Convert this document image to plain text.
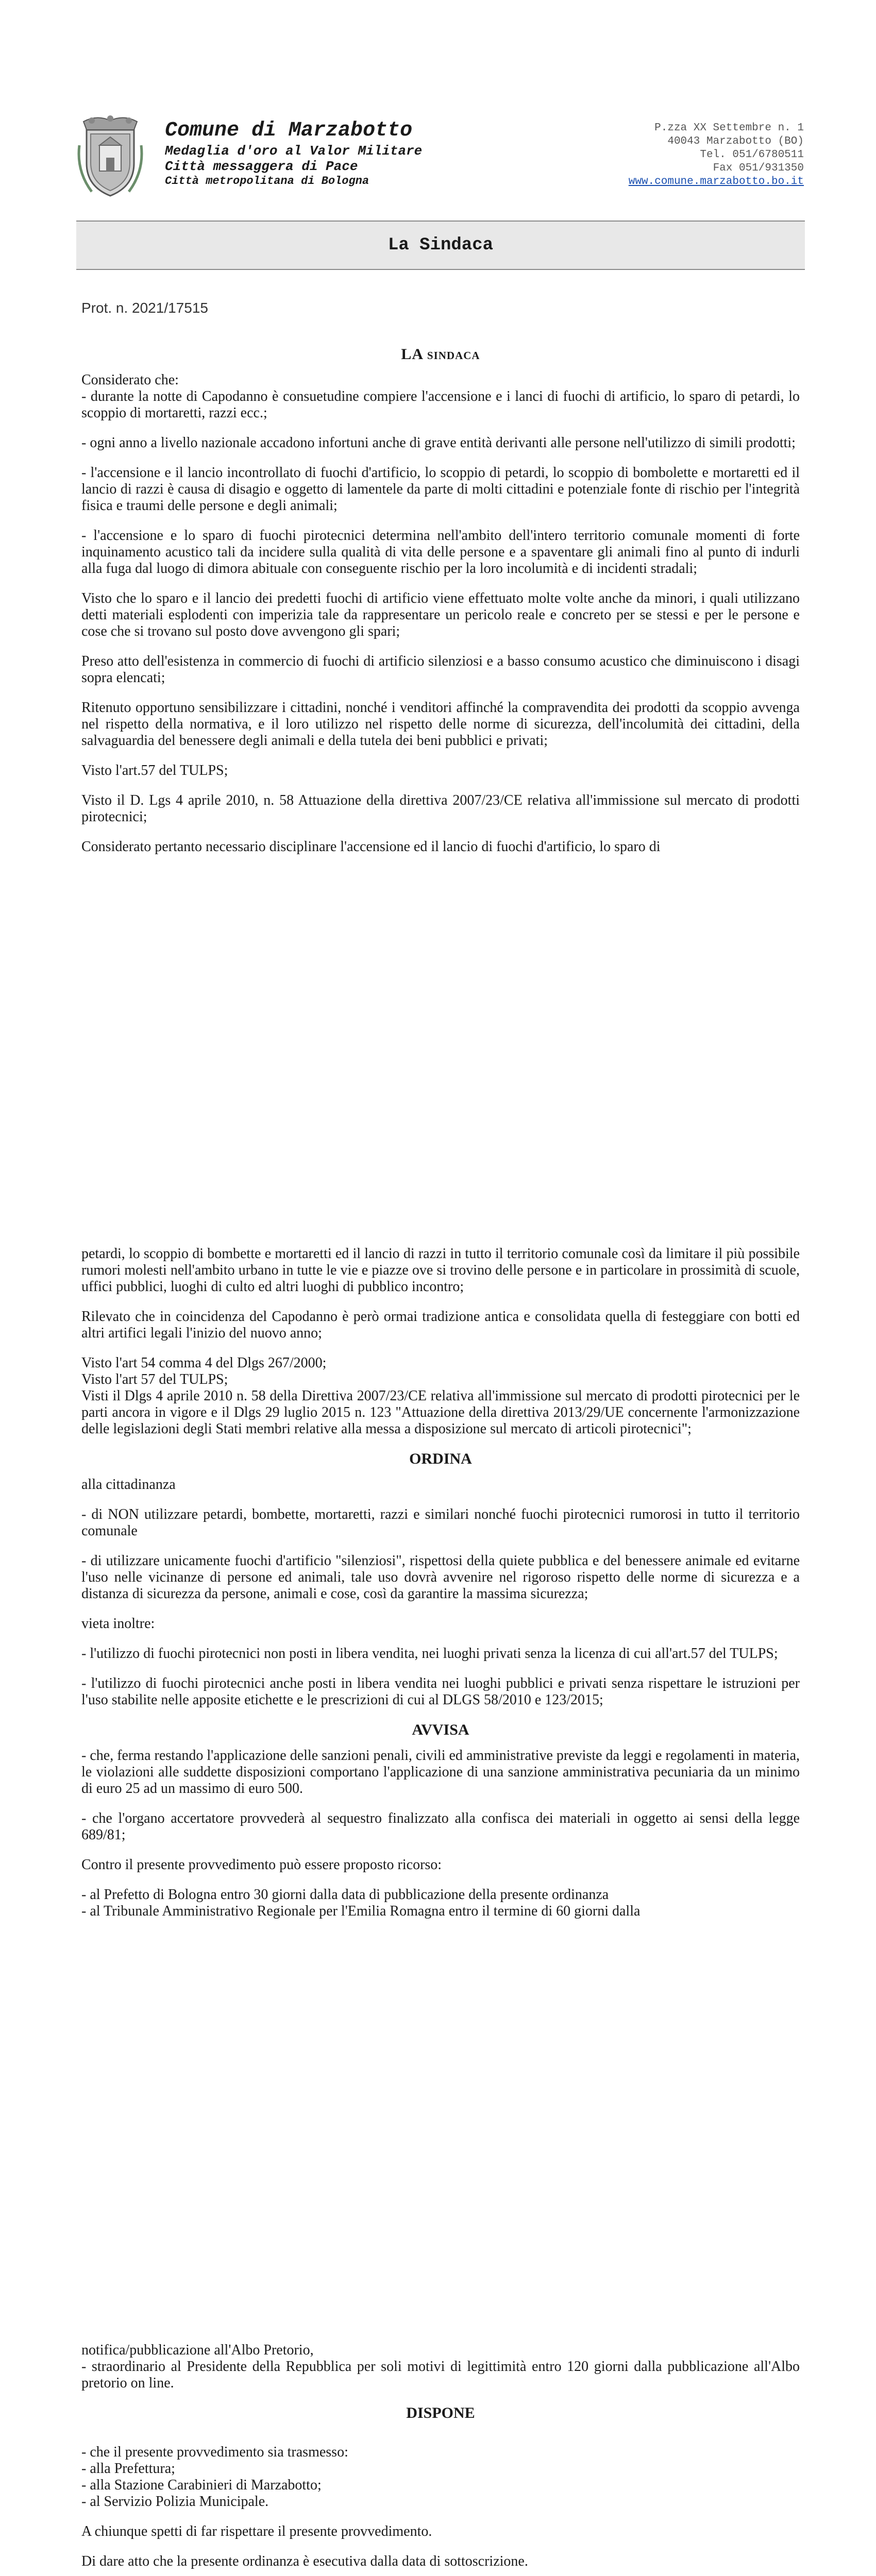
Comune di Marzabotto
Medaglia d'oro al Valor Militare
Città messaggera di Pace
Città metropolitana di Bologna
P.zza XX Settembre n. 1
40043 Marzabotto (BO)
Tel. 051/6780511
Fax 051/931350
www.comune.marzabotto.bo.it
La Sindaca
Prot. n. 2021/17515
LA sindaca

Considerato che:
- durante la notte di Capodanno è consuetudine compiere l'accensione e i lanci di fuochi di artificio, lo sparo di petardi, lo scoppio di mortaretti, razzi ecc.;

- ogni anno a livello nazionale accadono infortuni anche di grave entità derivanti alle persone nell'utilizzo di simili prodotti;

- l'accensione e il lancio incontrollato di fuochi d'artificio, lo scoppio di petardi, lo scoppio di bombolette e mortaretti ed il lancio di razzi è causa di disagio e oggetto di lamentele da parte di molti cittadini e potenziale fonte di rischio per l'integrità fisica e traumi delle persone e degli animali;

- l'accensione e lo sparo di fuochi pirotecnici determina nell'ambito dell'intero territorio comunale momenti di forte inquinamento acustico tali da incidere sulla qualità di vita delle persone e a spaventare gli animali fino al punto di indurli alla fuga dal luogo di dimora abituale con conseguente rischio per la loro incolumità e di incidenti stradali;

Visto che lo sparo e il lancio dei predetti fuochi di artificio viene effettuato molte volte anche da minori, i quali utilizzano detti materiali esplodenti con imperizia tale da rappresentare un pericolo reale e concreto per se stessi e per le persone e cose che si trovano sul posto dove avvengono gli spari;

Preso atto dell'esistenza in commercio di fuochi di artificio silenziosi e a basso consumo acustico che diminuiscono i disagi sopra elencati;

Ritenuto opportuno sensibilizzare i cittadini, nonché i venditori affinché la compravendita dei prodotti da scoppio avvenga nel rispetto della normativa, e il loro utilizzo nel rispetto delle norme di sicurezza, dell'incolumità dei cittadini, della salvaguardia del benessere degli animali e della tutela dei beni pubblici e privati;

Visto l'art.57 del TULPS;

Visto il D. Lgs 4 aprile 2010, n. 58 Attuazione della direttiva 2007/23/CE relativa all'immissione sul mercato di prodotti pirotecnici;

Considerato pertanto necessario disciplinare l'accensione ed il lancio di fuochi d'artificio, lo sparo di

petardi, lo scoppio di bombette e mortaretti ed il lancio di razzi in tutto il territorio comunale così da limitare il più possibile rumori molesti nell'ambito urbano in tutte le vie e piazze ove si trovino delle persone e in particolare in prossimità di scuole, uffici pubblici, luoghi di culto ed altri luoghi di pubblico incontro;

Rilevato che in coincidenza del Capodanno è però ormai tradizione antica e consolidata quella di festeggiare con botti ed altri artifici legali l'inizio del nuovo anno;

Visto l'art 54 comma 4 del Dlgs 267/2000;
Visto l'art 57 del TULPS;
Visti il Dlgs 4 aprile 2010 n. 58 della Direttiva 2007/23/CE relativa all'immissione sul mercato di prodotti pirotecnici per le parti ancora in vigore e il Dlgs 29 luglio 2015 n. 123 "Attuazione della direttiva 2013/29/UE concernente l'armonizzazione delle legislazioni degli Stati membri relative alla messa a disposizione sul mercato di articoli pirotecnici";

ORDINA

alla cittadinanza

- di NON utilizzare petardi, bombette, mortaretti, razzi e similari nonché fuochi pirotecnici rumorosi in tutto il territorio comunale

- di utilizzare unicamente fuochi d'artificio "silenziosi", rispettosi della quiete pubblica e del benessere animale ed evitarne l'uso nelle vicinanze di persone ed animali, tale uso dovrà avvenire nel rigoroso rispetto delle norme di sicurezza e a distanza di sicurezza da persone, animali e cose, così da garantire la massima sicurezza;

vieta inoltre:

- l'utilizzo di fuochi pirotecnici non posti in libera vendita, nei luoghi privati senza la licenza di cui all'art.57 del TULPS;

- l'utilizzo di fuochi pirotecnici anche posti in libera vendita nei luoghi pubblici e privati senza rispettare le istruzioni per l'uso stabilite nelle apposite etichette e le prescrizioni di cui al DLGS 58/2010 e 123/2015;

AVVISA

- che, ferma restando l'applicazione delle sanzioni penali, civili ed amministrative previste da leggi e regolamenti in materia, le violazioni alle suddette disposizioni comportano l'applicazione di una sanzione amministrativa pecuniaria da un minimo di euro 25 ad un massimo di euro 500.

- che l'organo accertatore provvederà al sequestro finalizzato alla confisca dei materiali in oggetto ai sensi della legge 689/81;

Contro il presente provvedimento può essere proposto ricorso:

- al Prefetto di Bologna entro 30 giorni dalla data di pubblicazione della presente ordinanza
- al Tribunale Amministrativo Regionale per l'Emilia Romagna entro il termine di 60 giorni dalla

notifica/pubblicazione all'Albo Pretorio,
- straordinario al Presidente della Repubblica per soli motivi di legittimità entro 120 giorni dalla pubblicazione all'Albo pretorio on line.

DISPONE

- che il presente provvedimento sia trasmesso:
- alla Prefettura;
- alla Stazione Carabinieri di Marzabotto;
- al Servizio Polizia Municipale.

A chiunque spetti di far rispettare il presente provvedimento.

Di dare atto che la presente ordinanza è esecutiva dalla data di sottoscrizione.
